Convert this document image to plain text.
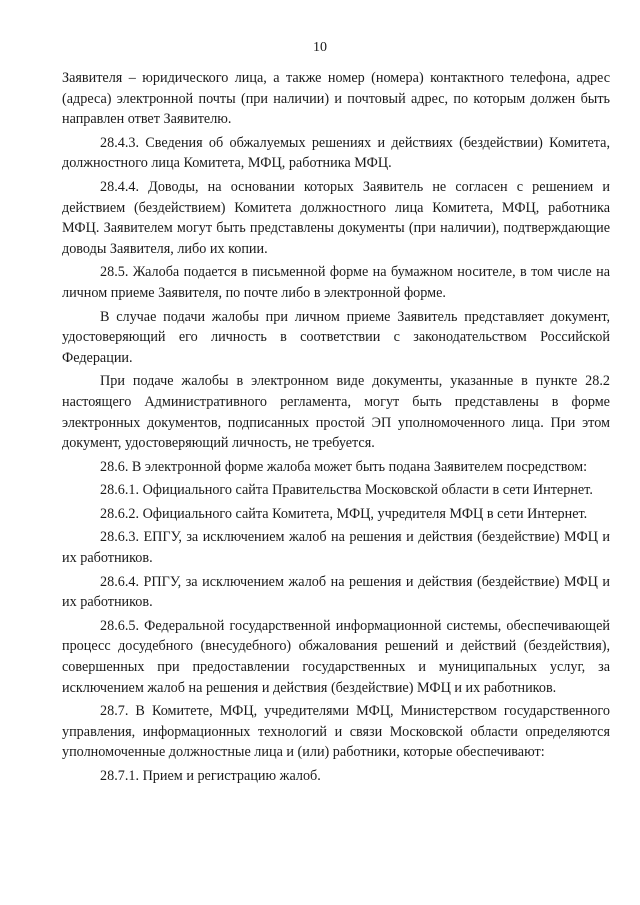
10

Заявителя – юридического лица, а также номер (номера) контактного телефона, адрес (адреса) электронной почты (при наличии) и почтовый адрес, по которым должен быть направлен ответ Заявителю.

28.4.3. Сведения об обжалуемых решениях и действиях (бездействии) Комитета, должностного лица Комитета, МФЦ, работника МФЦ.

28.4.4. Доводы, на основании которых Заявитель не согласен с решением и действием (бездействием) Комитета должностного лица Комитета, МФЦ, работника МФЦ. Заявителем могут быть представлены документы (при наличии), подтверждающие доводы Заявителя, либо их копии.

28.5. Жалоба подается в письменной форме на бумажном носителе, в том числе на личном приеме Заявителя, по почте либо в электронной форме.

В случае подачи жалобы при личном приеме Заявитель представляет документ, удостоверяющий его личность в соответствии с законодательством Российской Федерации.

При подаче жалобы в электронном виде документы, указанные в пункте 28.2 настоящего Административного регламента, могут быть представлены в форме электронных документов, подписанных простой ЭП уполномоченного лица. При этом документ, удостоверяющий личность, не требуется.

28.6. В электронной форме жалоба может быть подана Заявителем посредством:

28.6.1. Официального сайта Правительства Московской области в сети Интернет.

28.6.2. Официального сайта Комитета, МФЦ, учредителя МФЦ в сети Интернет.

28.6.3. ЕПГУ, за исключением жалоб на решения и действия (бездействие) МФЦ и их работников.

28.6.4. РПГУ, за исключением жалоб на решения и действия (бездействие) МФЦ и их работников.

28.6.5. Федеральной государственной информационной системы, обеспечивающей процесс досудебного (внесудебного) обжалования решений и действий (бездействия), совершенных при предоставлении государственных и муниципальных услуг, за исключением жалоб на решения и действия (бездействие) МФЦ и их работников.

28.7. В Комитете, МФЦ, учредителями МФЦ, Министерством государственного управления, информационных технологий и связи Московской области определяются уполномоченные должностные лица и (или) работники, которые обеспечивают:

28.7.1. Прием и регистрацию жалоб.
